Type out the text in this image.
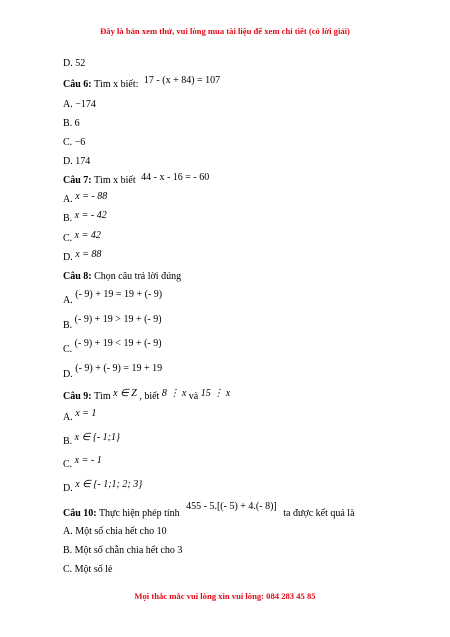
Đây là bản xem thử, vui lòng mua tài liệu để xem chi tiết (có lời giải)
D. 52
Câu 6: Tìm x biết: 17 - (x + 84) = 107
A. −174
B. 6
C. −6
D. 174
Câu 7: Tìm x biết 44 - x - 16 = - 60
A. x = - 88
B. x = - 42
C. x = 42
D. x = 88
Câu 8: Chọn câu trả lời đúng
A. (- 9) + 19 = 19 + (- 9)
B. (- 9) + 19 > 19 + (- 9)
C. (- 9) + 19 < 19 + (- 9)
D. (- 9) + (- 9) = 19 + 19
Câu 9: Tìm x ∈ Z , biết 8 ⋮ x và 15 ⋮ x
A. x = 1
B. x ∈ {- 1;1}
C. x = - 1
D. x ∈ {- 1;1; 2; 3}
Câu 10: Thực hiện phép tính 455 - 5.[(- 5) + 4.(- 8)] ta được kết quả là
A. Một số chia hết cho 10
B. Một số chẵn chia hết cho 3
C. Một số lẻ
Mọi thắc mắc vui lòng xin vui lòng: 084 283 45 85
